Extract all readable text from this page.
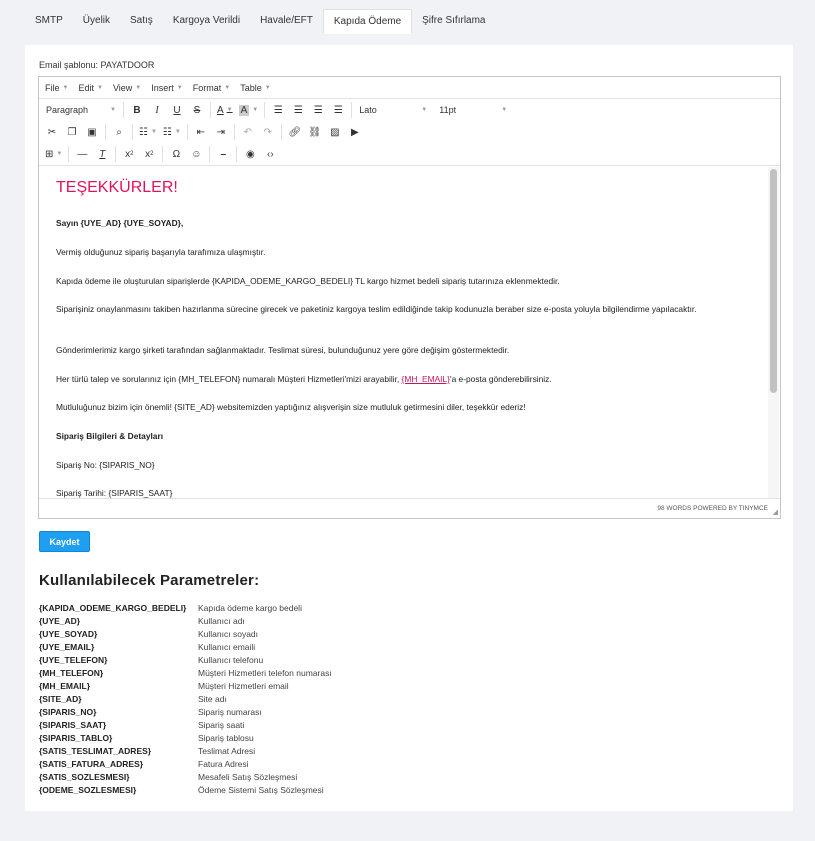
SMTP	Üyelik	Satış	Kargoya Verildi	Havale/EFT	Kapıda Ödeme	Şifre Sıfırlama
Email şablonu: PAYATDOOR
File ▼ Edit ▼ View ▼ Insert ▼ Format ▼ Table ▼
Paragraph	▼	B	I	U	S	A ▼ A ▼	☰	☰	☰	☰	Lato	▼ 11pt	▼
✂	❐	▣	⌕	☷ ▼ ☷ ▼	⇤	⇥	↶	↷	🔗︎ ⛓ ▨	▶
⊞ ▼	—	T	x 2	x 2	Ω	☺	⎯	◉	‹›
TEŞEKKÜRLER!

Sayın {UYE_AD} {UYE_SOYAD},

Vermiş olduğunuz sipariş başarıyla tarafımıza ulaşmıştır.

Kapıda ödeme ile oluşturulan siparişlerde {KAPIDA_ODEME_KARGO_BEDELI} TL kargo hizmet bedeli sipariş tutarınıza eklenmektedir.

Siparişiniz onaylanmasını takiben hazırlanma sürecine girecek ve paketiniz kargoya teslim edildiğinde takip kodunuzla beraber size e-posta yoluyla bilgilendirme yapılacaktır.

Gönderimlerimiz kargo şirketi tarafından sağlanmaktadır. Teslimat süresi, bulunduğunuz yere göre değişim göstermektedir.

Her türlü talep ve sorularınız için {MH_TELEFON} numaralı Müşteri Hizmetleri'mizi arayabilir, {MH_EMAIL}'a e-posta gönderebilirsiniz.

Mutluluğunuz bizim için önemli! {SITE_AD} websitemizden yaptığınız alışverişin size mutluluk getirmesini diler, teşekkür ederiz!

Sipariş Bilgileri & Detayları

Sipariş No: {SIPARIS_NO}

Sipariş Tarihi: {SIPARIS_SAAT}

98 WORDS POWERED BY TINYMCE
◢
Kaydet
Kullanılabilecek Parametreler:
{KAPIDA_ODEME_KARGO_BEDELI} Kapıda ödeme kargo bedeli
{UYE_AD}	Kullanıcı adı
{UYE_SOYAD}	Kullanıcı soyadı
{UYE_EMAIL}	Kullanıcı emaili
{UYE_TELEFON}	Kullanıcı telefonu
{MH_TELEFON}	Müşteri Hizmetleri telefon numarası
{MH_EMAIL}	Müşteri Hizmetleri email
{SITE_AD}	Site adı
{SIPARIS_NO}	Sipariş numarası
{SIPARIS_SAAT}	Sipariş saati
{SIPARIS_TABLO}	Sipariş tablosu
{SATIS_TESLIMAT_ADRES}	Teslimat Adresi
{SATIS_FATURA_ADRES}	Fatura Adresi
{SATIS_SOZLESMESI}	Mesafeli Satış Sözleşmesi
{ODEME_SOZLESMESI}	Ödeme Sistemi Satış Sözleşmesi
